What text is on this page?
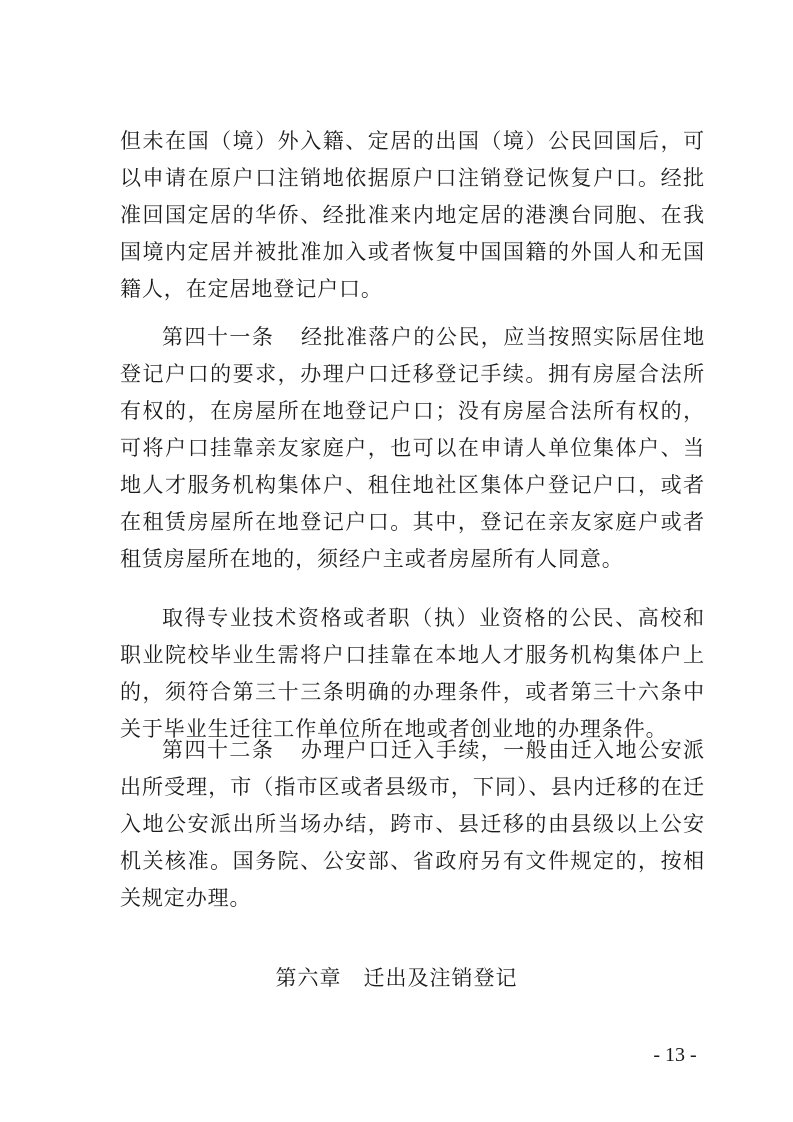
但未在国（境）外入籍、定居的出国（境）公民回国后，可以申请在原户口注销地依据原户口注销登记恢复户口。经批准回国定居的华侨、经批准来内地定居的港澳台同胞、在我国境内定居并被批准加入或者恢复中国国籍的外国人和无国籍人，在定居地登记户口。

第四十一条 经批准落户的公民，应当按照实际居住地登记户口的要求，办理户口迁移登记手续。拥有房屋合法所有权的，在房屋所在地登记户口；没有房屋合法所有权的，可将户口挂靠亲友家庭户，也可以在申请人单位集体户、当地人才服务机构集体户、租住地社区集体户登记户口，或者在租赁房屋所在地登记户口。其中，登记在亲友家庭户或者租赁房屋所在地的，须经户主或者房屋所有人同意。

取得专业技术资格或者职（执）业资格的公民、高校和职业院校毕业生需将户口挂靠在本地人才服务机构集体户上的，须符合第三十三条明确的办理条件，或者第三十六条中关于毕业生迁往工作单位所在地或者创业地的办理条件。

第四十二条 办理户口迁入手续，一般由迁入地公安派出所受理，市（指市区或者县级市，下同）、县内迁移的在迁入地公安派出所当场办结，跨市、县迁移的由县级以上公安机关核准。国务院、公安部、省政府另有文件规定的，按相关规定办理。

第六章 迁出及注销登记

- 13 -
